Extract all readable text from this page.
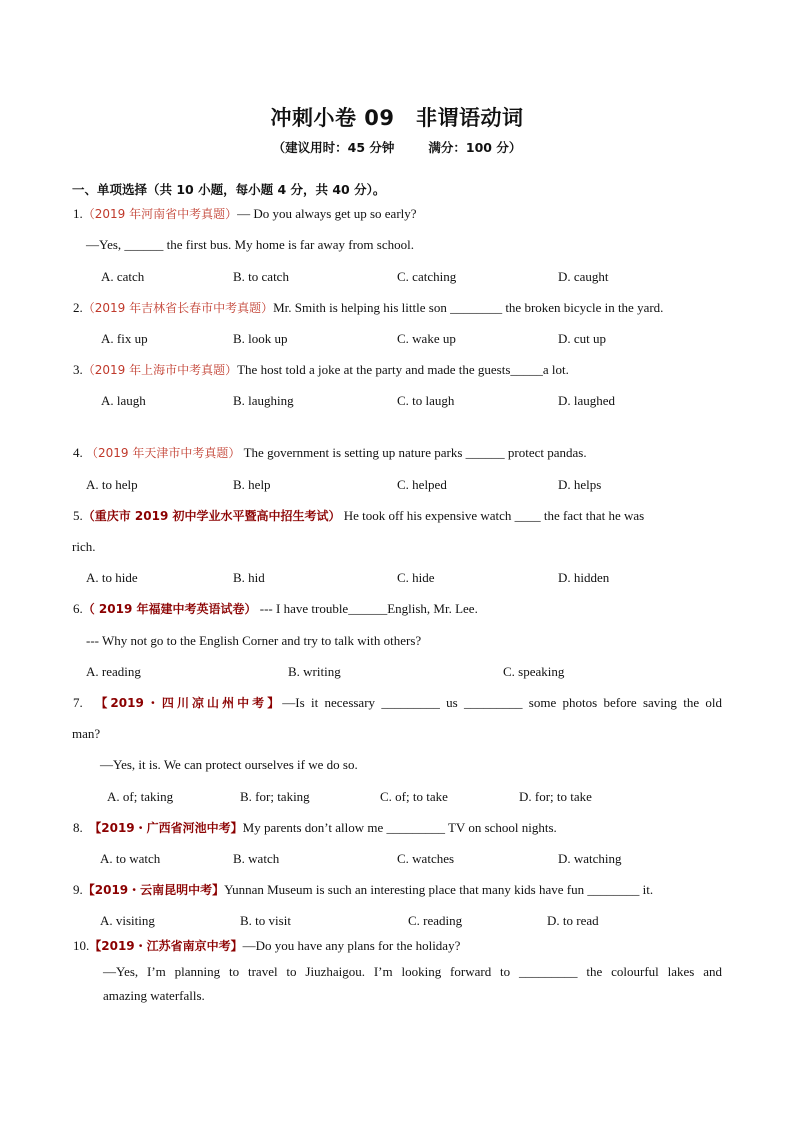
冲刺小卷 09　非谓语动词
（建议用时：45 分钟	满分：100 分）
一、单项选择（共 10 小题，每小题 4 分，共 40 分）。
1.（2019 年河南省中考真题）— Do you always get up so early?
—Yes, ______ the first bus. My home is far away from school.
A. catch	B. to catch	C. catching	D. caught
2.（2019 年吉林省长春市中考真题）Mr. Smith is helping his little son ________ the broken bicycle in the yard.
A. fix up	B. look up	C. wake up	D. cut up
3.（2019 年上海市中考真题）The host told a joke at the party and made the guests_____a lot.
A. laugh	B. laughing	C. to laugh	D. laughed
4. （2019 年天津市中考真题） The government is setting up nature parks ______ protect pandas.
A. to help	B. help	C. helped	D. helps
5.（重庆市 2019 初中学业水平暨高中招生考试） He took off his expensive watch ____ the fact that he was
rich.
A. to hide	B. hid	C. hide	D. hidden
6.（ 2019 年福建中考英语试卷） --- I have trouble______English, Mr. Lee.
--- Why not go to the English Corner and try to talk with others?
A. reading	B. writing	C. speaking
7. 【2019・四川凉山州中考】—Is it necessary _________ us _________ some photos before saving the old
man?
—Yes, it is. We can protect ourselves if we do so.
A. of; taking	B. for; taking	C. of; to take	D. for; to take
8. 【2019・广西省河池中考】My parents don’t allow me _________ TV on school nights.
A. to watch	B. watch	C. watches	D. watching
9.【2019・云南昆明中考】Yunnan Museum is such an interesting place that many kids have fun ________ it.
A. visiting	B. to visit	C. reading	D. to read
10.【2019・江苏省南京中考】—Do you have any plans for the holiday?
—Yes, I’m planning to travel to Jiuzhaigou. I’m looking forward to _________ the colourful lakes and
amazing waterfalls.
